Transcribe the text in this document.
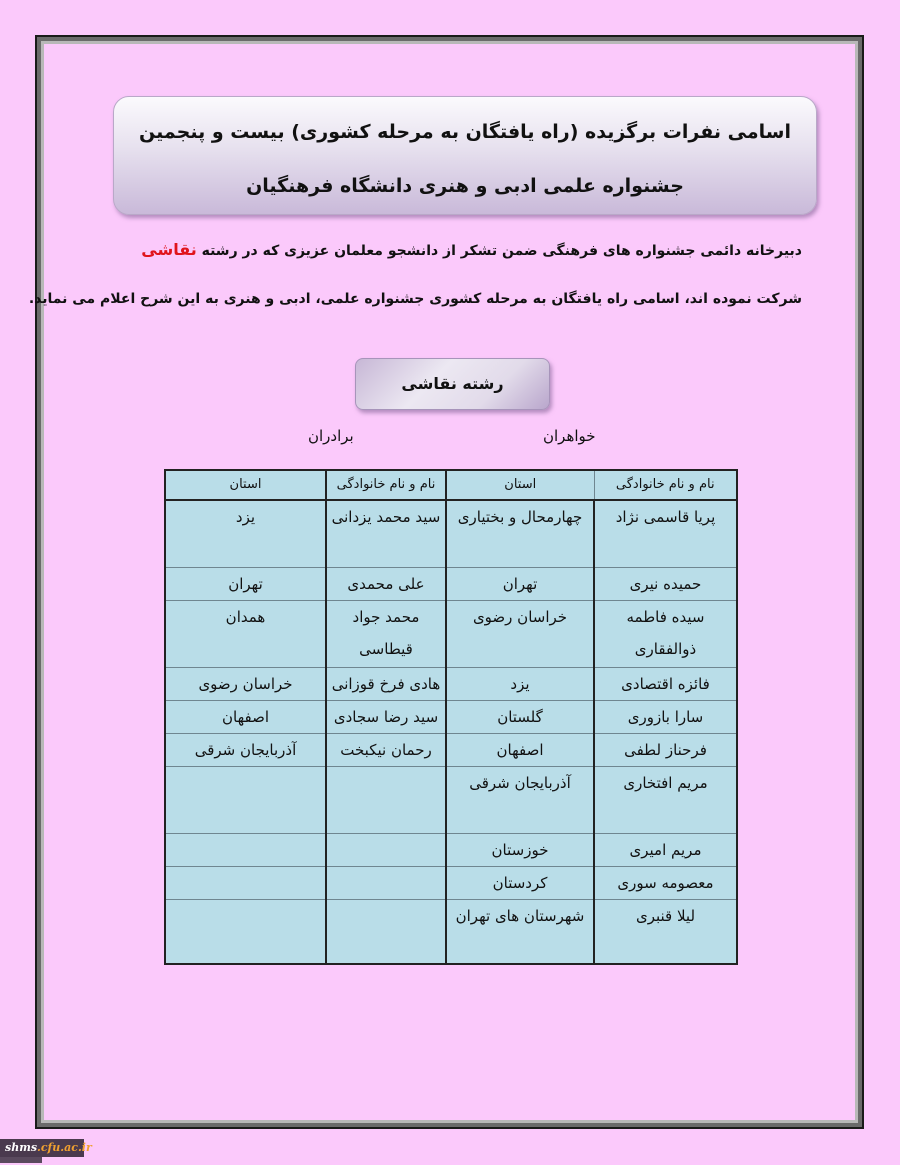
اسامی نفرات برگزیده (راه یافتگان به مرحله کشوری) بیست و پنجمین
جشنواره علمی ادبی و هنری دانشگاه فرهنگیان
دبیرخانه دائمی جشنواره های فرهنگی ضمن تشکر از دانشجو معلمان عزیزی که در رشته نقاشی
شرکت نموده اند، اسامی راه یافتگان به مرحله کشوری جشنواره علمی، ادبی و هنری به این شرح اعلام می نماید.
رشته نقاشی
خواهران
برادران
نام و نام خانوادگی	استان	نام و نام خانوادگی	استان
پریا قاسمی نژاد	چهارمحال و بختیاری	سید محمد یزدانی	یزد
حمیده نیری	تهران	علی محمدی	تهران
سیده فاطمه ذوالفقاری	خراسان رضوی	محمد جواد قیطاسی	همدان
فائزه اقتصادی	یزد	هادی فرخ قوزانی	خراسان رضوی
سارا بازوری	گلستان	سید رضا سجادی	اصفهان
فرحناز لطفی	اصفهان	رحمان نیکبخت	آذربایجان شرقی
مریم افتخاری	آذربایجان شرقی		
مریم امیری	خوزستان		
معصومه سوری	کردستان		
لیلا قنبری	شهرستان های تهران		
shms.cfu.ac.ir
